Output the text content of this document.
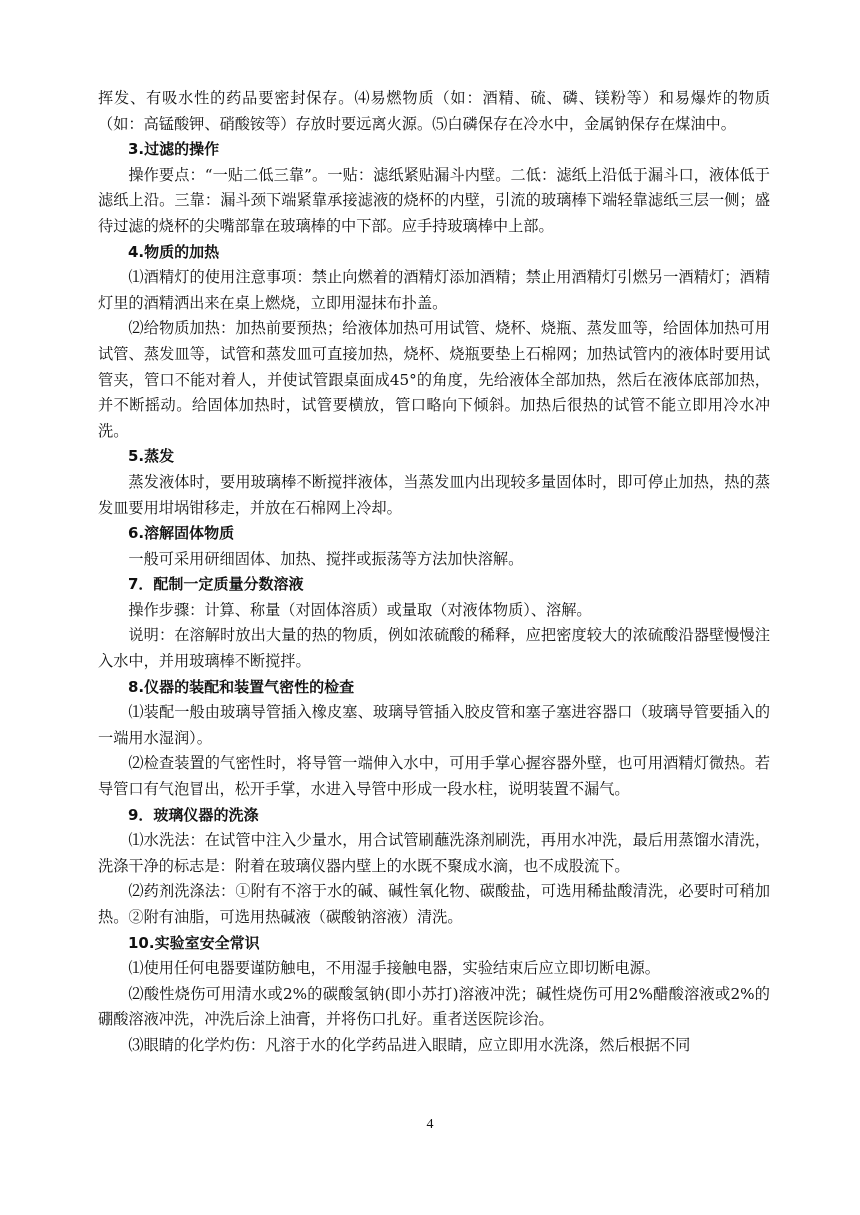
挥发、有吸水性的药品要密封保存。⑷易燃物质（如：酒精、硫、磷、镁粉等）和易爆炸的物质（如：高锰酸钾、硝酸铵等）存放时要远离火源。⑸白磷保存在冷水中，金属钠保存在煤油中。

3.过滤的操作

操作要点：“一贴二低三靠”。一贴：滤纸紧贴漏斗内壁。二低：滤纸上沿低于漏斗口，液体低于滤纸上沿。三靠：漏斗颈下端紧靠承接滤液的烧杯的内壁，引流的玻璃棒下端轻靠滤纸三层一侧；盛待过滤的烧杯的尖嘴部靠在玻璃棒的中下部。应手持玻璃棒中上部。

4.物质的加热

⑴酒精灯的使用注意事项：禁止向燃着的酒精灯添加酒精；禁止用酒精灯引燃另一酒精灯；酒精灯里的酒精洒出来在桌上燃烧，立即用湿抹布扑盖。

⑵给物质加热：加热前要预热；给液体加热可用试管、烧杯、烧瓶、蒸发皿等，给固体加热可用试管、蒸发皿等，试管和蒸发皿可直接加热，烧杯、烧瓶要垫上石棉网；加热试管内的液体时要用试管夹，管口不能对着人，并使试管跟桌面成45°的角度，先给液体全部加热，然后在液体底部加热，并不断摇动。给固体加热时，试管要横放，管口略向下倾斜。加热后很热的试管不能立即用冷水冲洗。

5.蒸发

蒸发液体时，要用玻璃棒不断搅拌液体，当蒸发皿内出现较多量固体时，即可停止加热，热的蒸发皿要用坩埚钳移走，并放在石棉网上冷却。

6.溶解固体物质

一般可采用研细固体、加热、搅拌或振荡等方法加快溶解。

7．配制一定质量分数溶液

操作步骤：计算、称量（对固体溶质）或量取（对液体物质）、溶解。

说明：在溶解时放出大量的热的物质，例如浓硫酸的稀释，应把密度较大的浓硫酸沿器壁慢慢注入水中，并用玻璃棒不断搅拌。

8.仪器的装配和装置气密性的检查

⑴装配一般由玻璃导管插入橡皮塞、玻璃导管插入胶皮管和塞子塞进容器口（玻璃导管要插入的一端用水湿润）。

⑵检查装置的气密性时，将导管一端伸入水中，可用手掌心握容器外壁，也可用酒精灯微热。若导管口有气泡冒出，松开手掌，水进入导管中形成一段水柱，说明装置不漏气。

9．玻璃仪器的洗涤

⑴水洗法：在试管中注入少量水，用合试管刷蘸洗涤剂刷洗，再用水冲洗，最后用蒸馏水清洗，洗涤干净的标志是：附着在玻璃仪器内壁上的水既不聚成水滴，也不成股流下。

⑵药剂洗涤法：①附有不溶于水的碱、碱性氧化物、碳酸盐，可选用稀盐酸清洗，必要时可稍加热。②附有油脂，可选用热碱液（碳酸钠溶液）清洗。

10.实验室安全常识

⑴使用任何电器要谨防触电，不用湿手接触电器，实验结束后应立即切断电源。

⑵酸性烧伤可用清水或2%的碳酸氢钠(即小苏打)溶液冲洗；碱性烧伤可用2%醋酸溶液或2%的硼酸溶液冲洗，冲洗后涂上油膏，并将伤口扎好。重者送医院诊治。

⑶眼睛的化学灼伤：凡溶于水的化学药品进入眼睛，应立即用水洗涤，然后根据不同

4
